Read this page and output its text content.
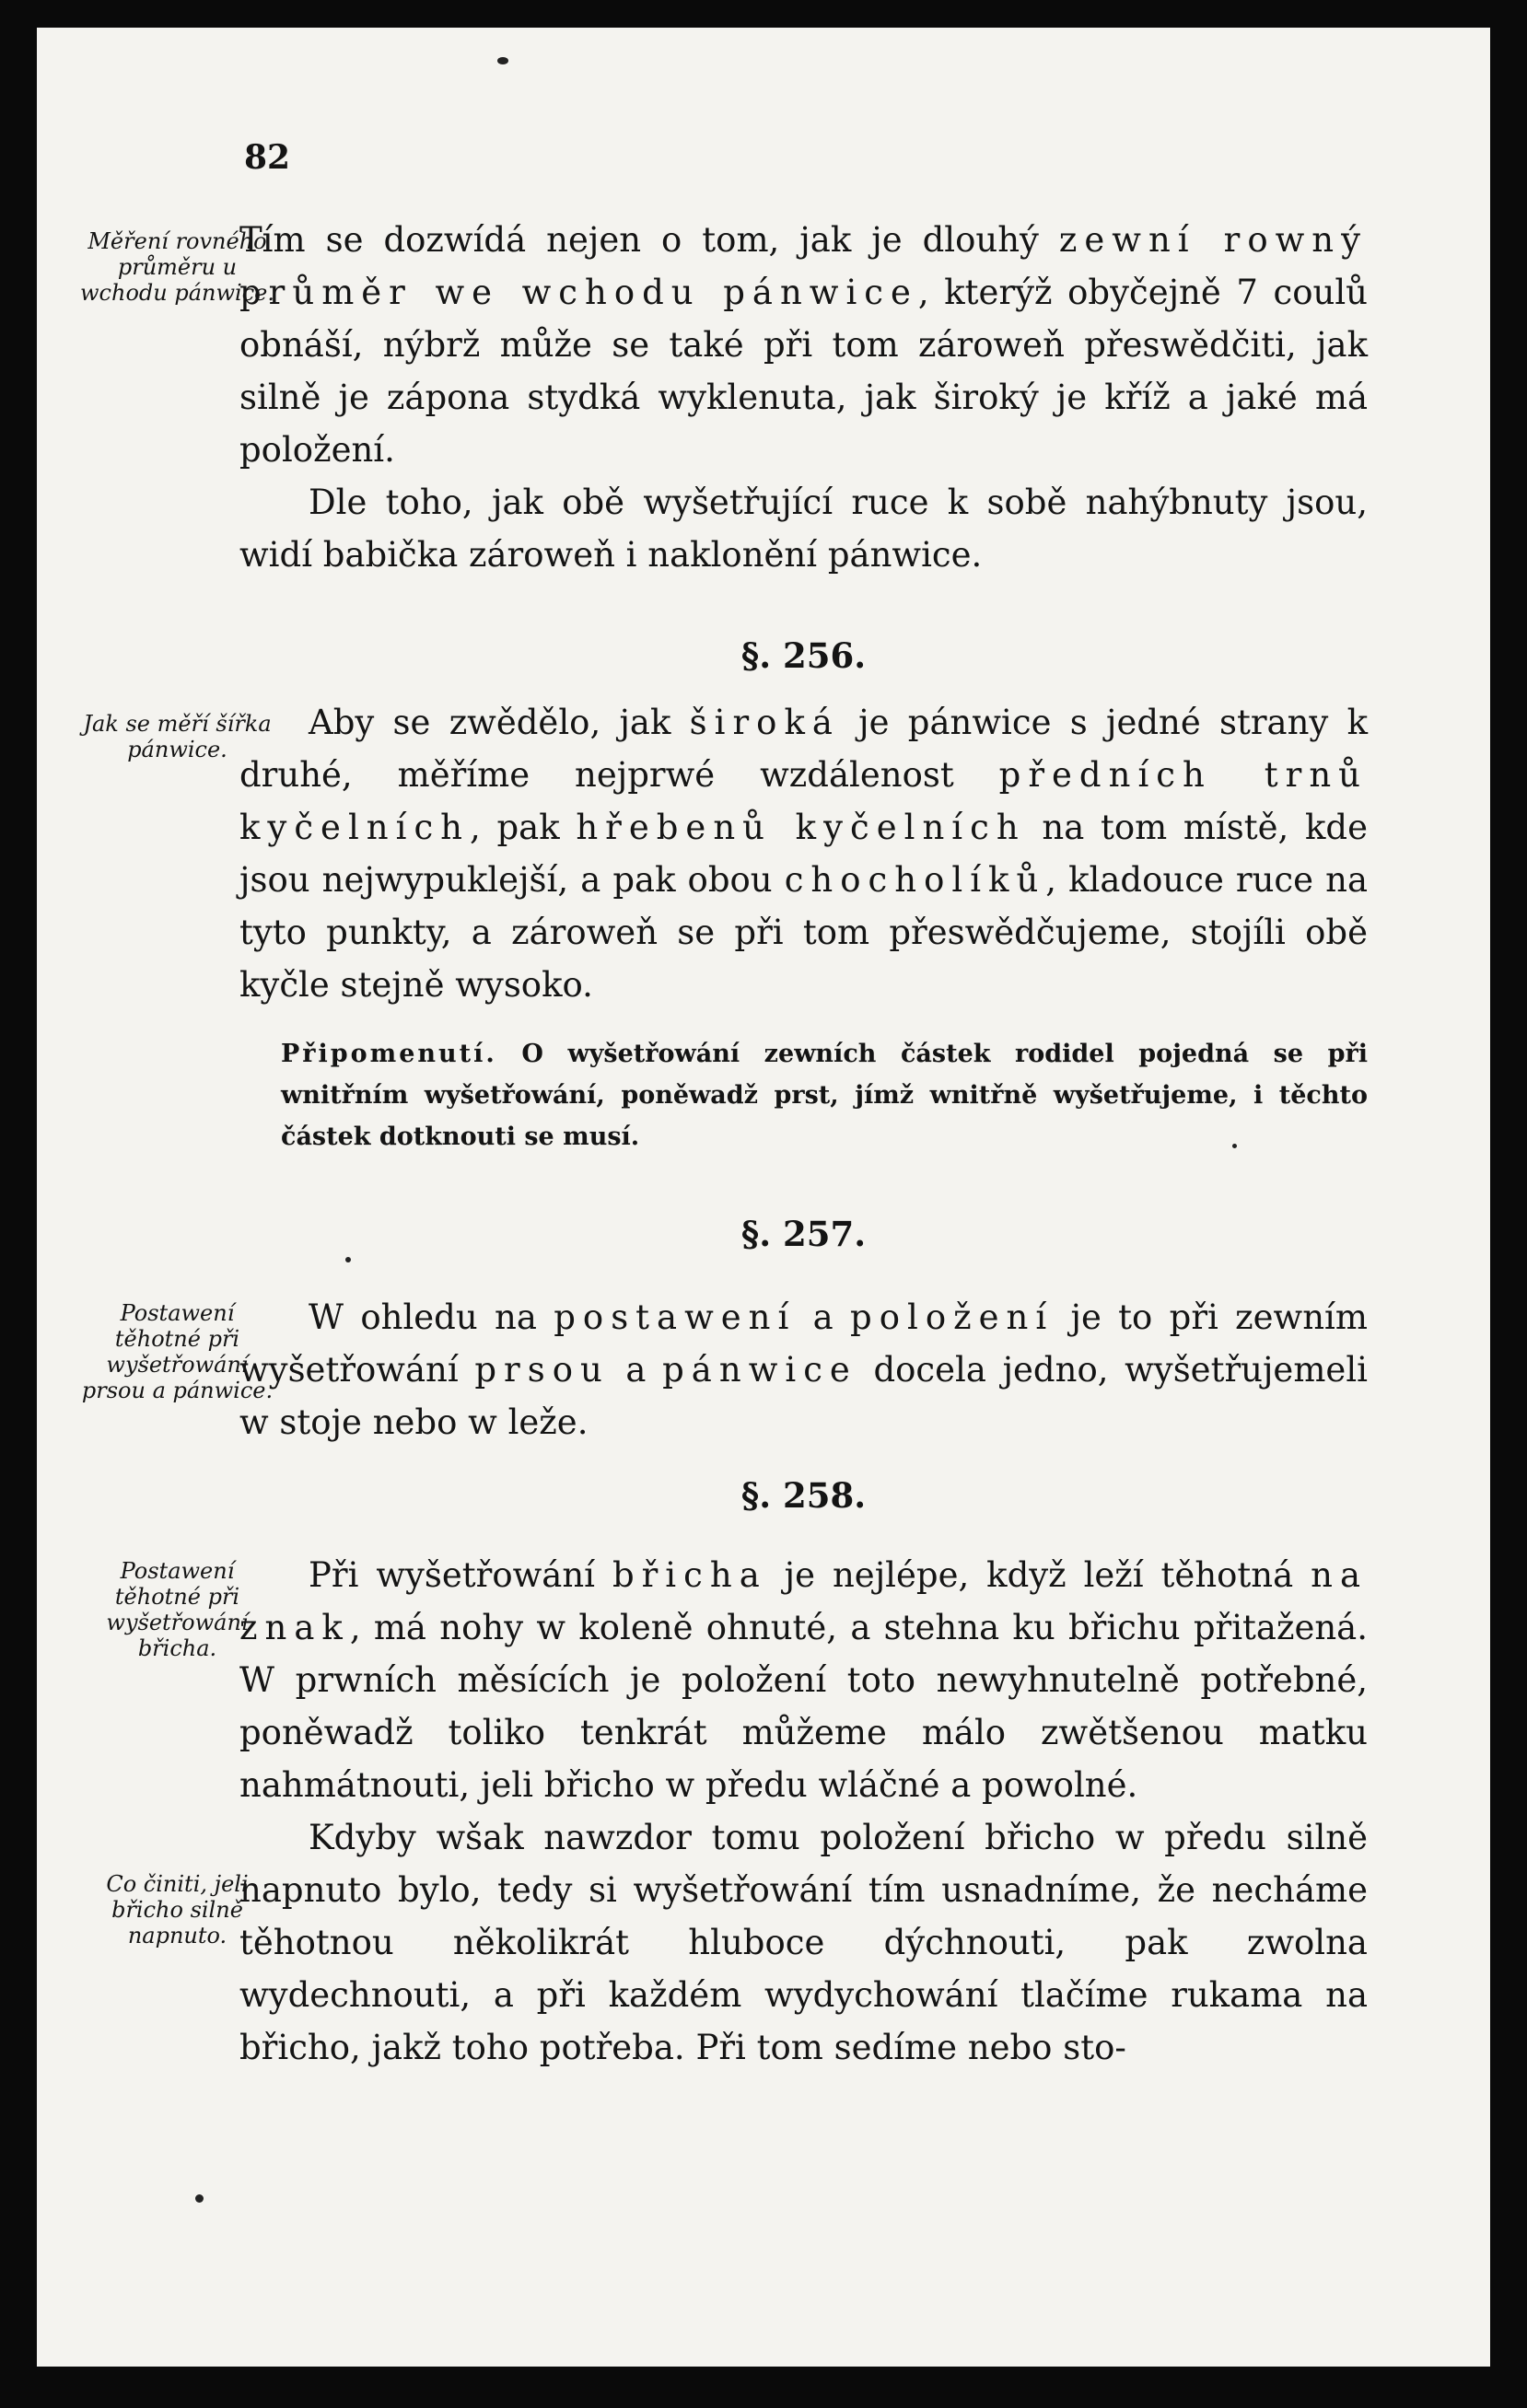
82
Měření rovného průměru u wchodu pánwice.
Jak se měří šířka pánwice.
Postawení těhotné při wyšetřowání prsou a pánwice.
Postawení těhotné při wyšetřowání břicha.
Co činiti, jeli břicho silně napnuto.

Tím se dozwídá nejen o tom, jak je dlouhý zewní rowný průměr we wchodu pánwice, kterýž obyčejně 7 coulů obnáší, nýbrž může se také při tom zároweň přeswědčiti, jak silně je zápona stydká wyklenuta, jak široký je kříž a jaké má položení.

Dle toho, jak obě wyšetřující ruce k sobě nahýbnuty jsou, widí babička zároweň i naklonění pánwice.

§. 256.

Aby se zwědělo, jak široká je pánwice s jedné strany k druhé, měříme nejprwé wzdálenost předních trnů kyčelních, pak hřebenů kyčelních na tom místě, kde jsou nejwypuklejší, a pak obou chocholíků, kladouce ruce na tyto punkty, a zároweň se při tom přeswědčujeme, stojíli obě kyčle stejně wysoko.

Připomenutí. O wyšetřowání zewních částek rodidel pojedná se při wnitřním wyšetřowání, poněwadž prst, jímž wnitřně wyšetřujeme, i těchto částek dotknouti se musí.
§. 257.

W ohledu na postawení a položení je to při zewním wyšetřowání prsou a pánwice docela jedno, wyšetřujemeli w stoje nebo w leže.

§. 258.

Při wyšetřowání břicha je nejlépe, když leží těhotná na znak, má nohy w koleně ohnuté, a stehna ku břichu přitažená. W prwních měsících je položení toto newyhnutelně potřebné, poněwadž toliko tenkrát můžeme málo zwětšenou matku nahmátnouti, jeli břicho w předu wláčné a powolné.

Kdyby wšak nawzdor tomu položení břicho w předu silně napnuto bylo, tedy si wyšetřowání tím usnadníme, že necháme těhotnou několikrát hluboce dýchnouti, pak zwolna wydechnouti, a při každém wydychowání tlačíme rukama na břicho, jakž toho potřeba. Při tom sedíme nebo sto-
